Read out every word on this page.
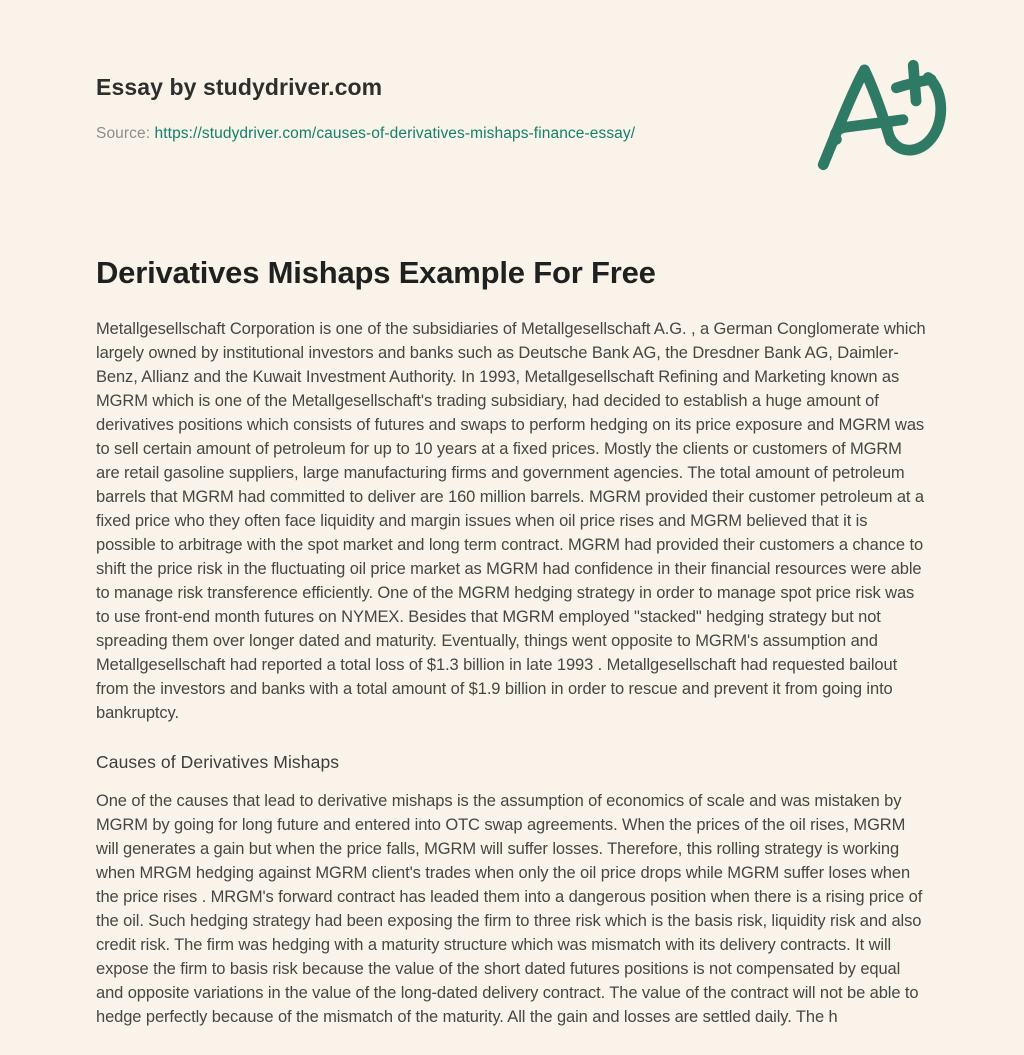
Essay by studydriver.com
Source: https://studydriver.com/causes-of-derivatives-mishaps-finance-essay/
Derivatives Mishaps Example For Free

Metallgesellschaft Corporation is one of the subsidiaries of Metallgesellschaft A.G. , a German Conglomerate which largely owned by institutional investors and banks such as Deutsche Bank AG, the Dresdner Bank AG, Daimler-Benz, Allianz and the Kuwait Investment Authority. In 1993, Metallgesellschaft Refining and Marketing known as MGRM which is one of the Metallgesellschaft's trading subsidiary, had decided to establish a huge amount of derivatives positions which consists of futures and swaps to perform hedging on its price exposure and MGRM was to sell certain amount of petroleum for up to 10 years at a fixed prices. Mostly the clients or customers of MGRM are retail gasoline suppliers, large manufacturing firms and government agencies. The total amount of petroleum barrels that MGRM had committed to deliver are 160 million barrels. MGRM provided their customer petroleum at a fixed price who they often face liquidity and margin issues when oil price rises and MGRM believed that it is possible to arbitrage with the spot market and long term contract. MGRM had provided their customers a chance to shift the price risk in the fluctuating oil price market as MGRM had confidence in their financial resources were able to manage risk transference efficiently. One of the MGRM hedging strategy in order to manage spot price risk was to use front-end month futures on NYMEX. Besides that MGRM employed "stacked" hedging strategy but not spreading them over longer dated and maturity. Eventually, things went opposite to MGRM's assumption and Metallgesellschaft had reported a total loss of $1.3 billion in late 1993 . Metallgesellschaft had requested bailout from the investors and banks with a total amount of $1.9 billion in order to rescue and prevent it from going into bankruptcy.

Causes of Derivatives Mishaps

One of the causes that lead to derivative mishaps is the assumption of economics of scale and was mistaken by MGRM by going for long future and entered into OTC swap agreements. When the prices of the oil rises, MGRM will generates a gain but when the price falls, MGRM will suffer losses. Therefore, this rolling strategy is working when MRGM hedging against MGRM client's trades when only the oil price drops while MGRM suffer loses when the price rises . MRGM's forward contract has leaded them into a dangerous position when there is a rising price of the oil. Such hedging strategy had been exposing the firm to three risk which is the basis risk, liquidity risk and also credit risk. The firm was hedging with a maturity structure which was mismatch with its delivery contracts. It will expose the firm to basis risk because the value of the short dated futures positions is not compensated by equal and opposite variations in the value of the long-dated delivery contract. The value of the contract will not be able to hedge perfectly because of the mismatch of the maturity. All the gain and losses are settled daily. The h
